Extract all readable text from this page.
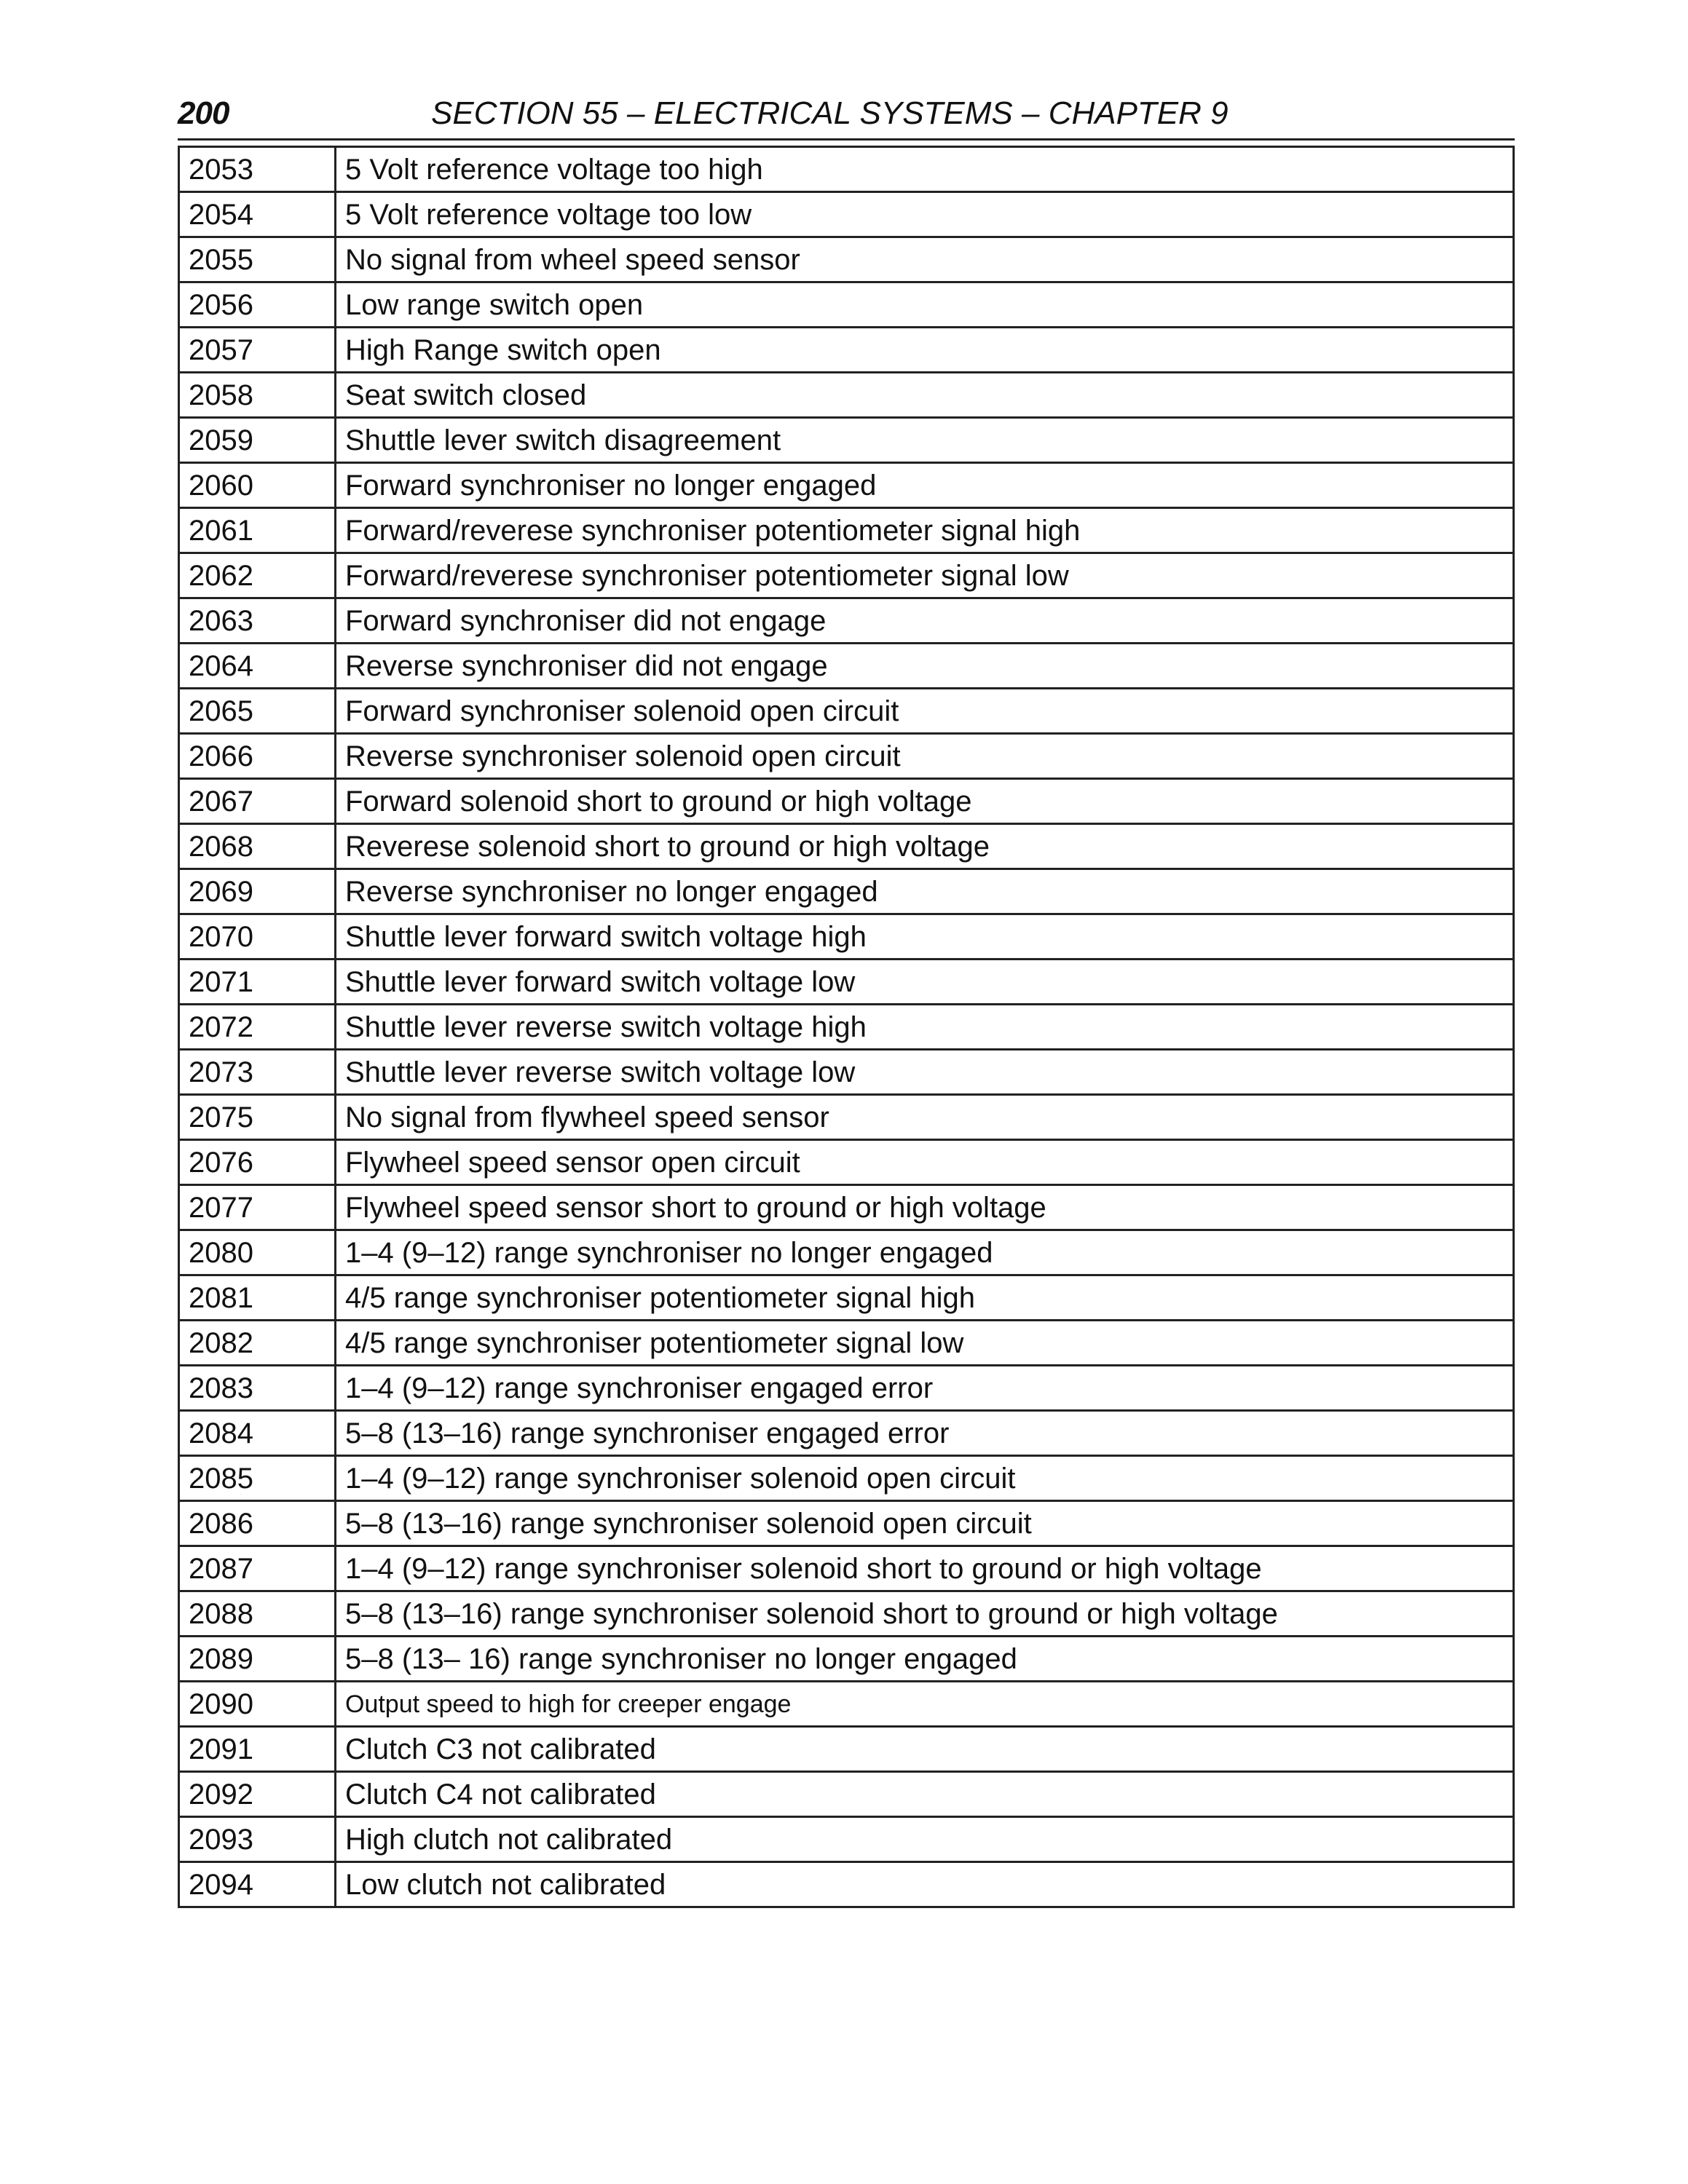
200	SECTION 55 – ELECTRICAL SYSTEMS – CHAPTER 9
2053	5 Volt reference voltage too high
2054	5 Volt reference voltage too low
2055	No signal from wheel speed sensor
2056	Low range switch open
2057	High Range switch open
2058	Seat switch closed
2059	Shuttle lever switch disagreement
2060	Forward synchroniser no longer engaged
2061	Forward/reverese synchroniser potentiometer signal high
2062	Forward/reverese synchroniser potentiometer signal low
2063	Forward synchroniser did not engage
2064	Reverse synchroniser did not engage
2065	Forward synchroniser solenoid open circuit
2066	Reverse synchroniser solenoid open circuit
2067	Forward solenoid short to ground or high voltage
2068	Reverese solenoid short to ground or high voltage
2069	Reverse synchroniser no longer engaged
2070	Shuttle lever forward switch voltage high
2071	Shuttle lever forward switch voltage low
2072	Shuttle lever reverse switch voltage high
2073	Shuttle lever reverse switch voltage low
2075	No signal from flywheel speed sensor
2076	Flywheel speed sensor open circuit
2077	Flywheel speed sensor short to ground or high voltage
2080	1–4 (9–12) range synchroniser no longer engaged
2081	4/5 range synchroniser potentiometer signal high
2082	4/5 range synchroniser potentiometer signal low
2083	1–4 (9–12) range synchroniser engaged error
2084	5–8 (13–16) range synchroniser engaged error
2085	1–4 (9–12) range synchroniser solenoid open circuit
2086	5–8 (13–16) range synchroniser solenoid open circuit
2087	1–4 (9–12) range synchroniser solenoid short to ground or high voltage
2088	5–8 (13–16) range synchroniser solenoid short to ground or high voltage
2089	5–8 (13– 16) range synchroniser no longer engaged
2090	Output speed to high for creeper engage
2091	Clutch C3 not calibrated
2092	Clutch C4 not calibrated
2093	High clutch not calibrated
2094	Low clutch not calibrated
